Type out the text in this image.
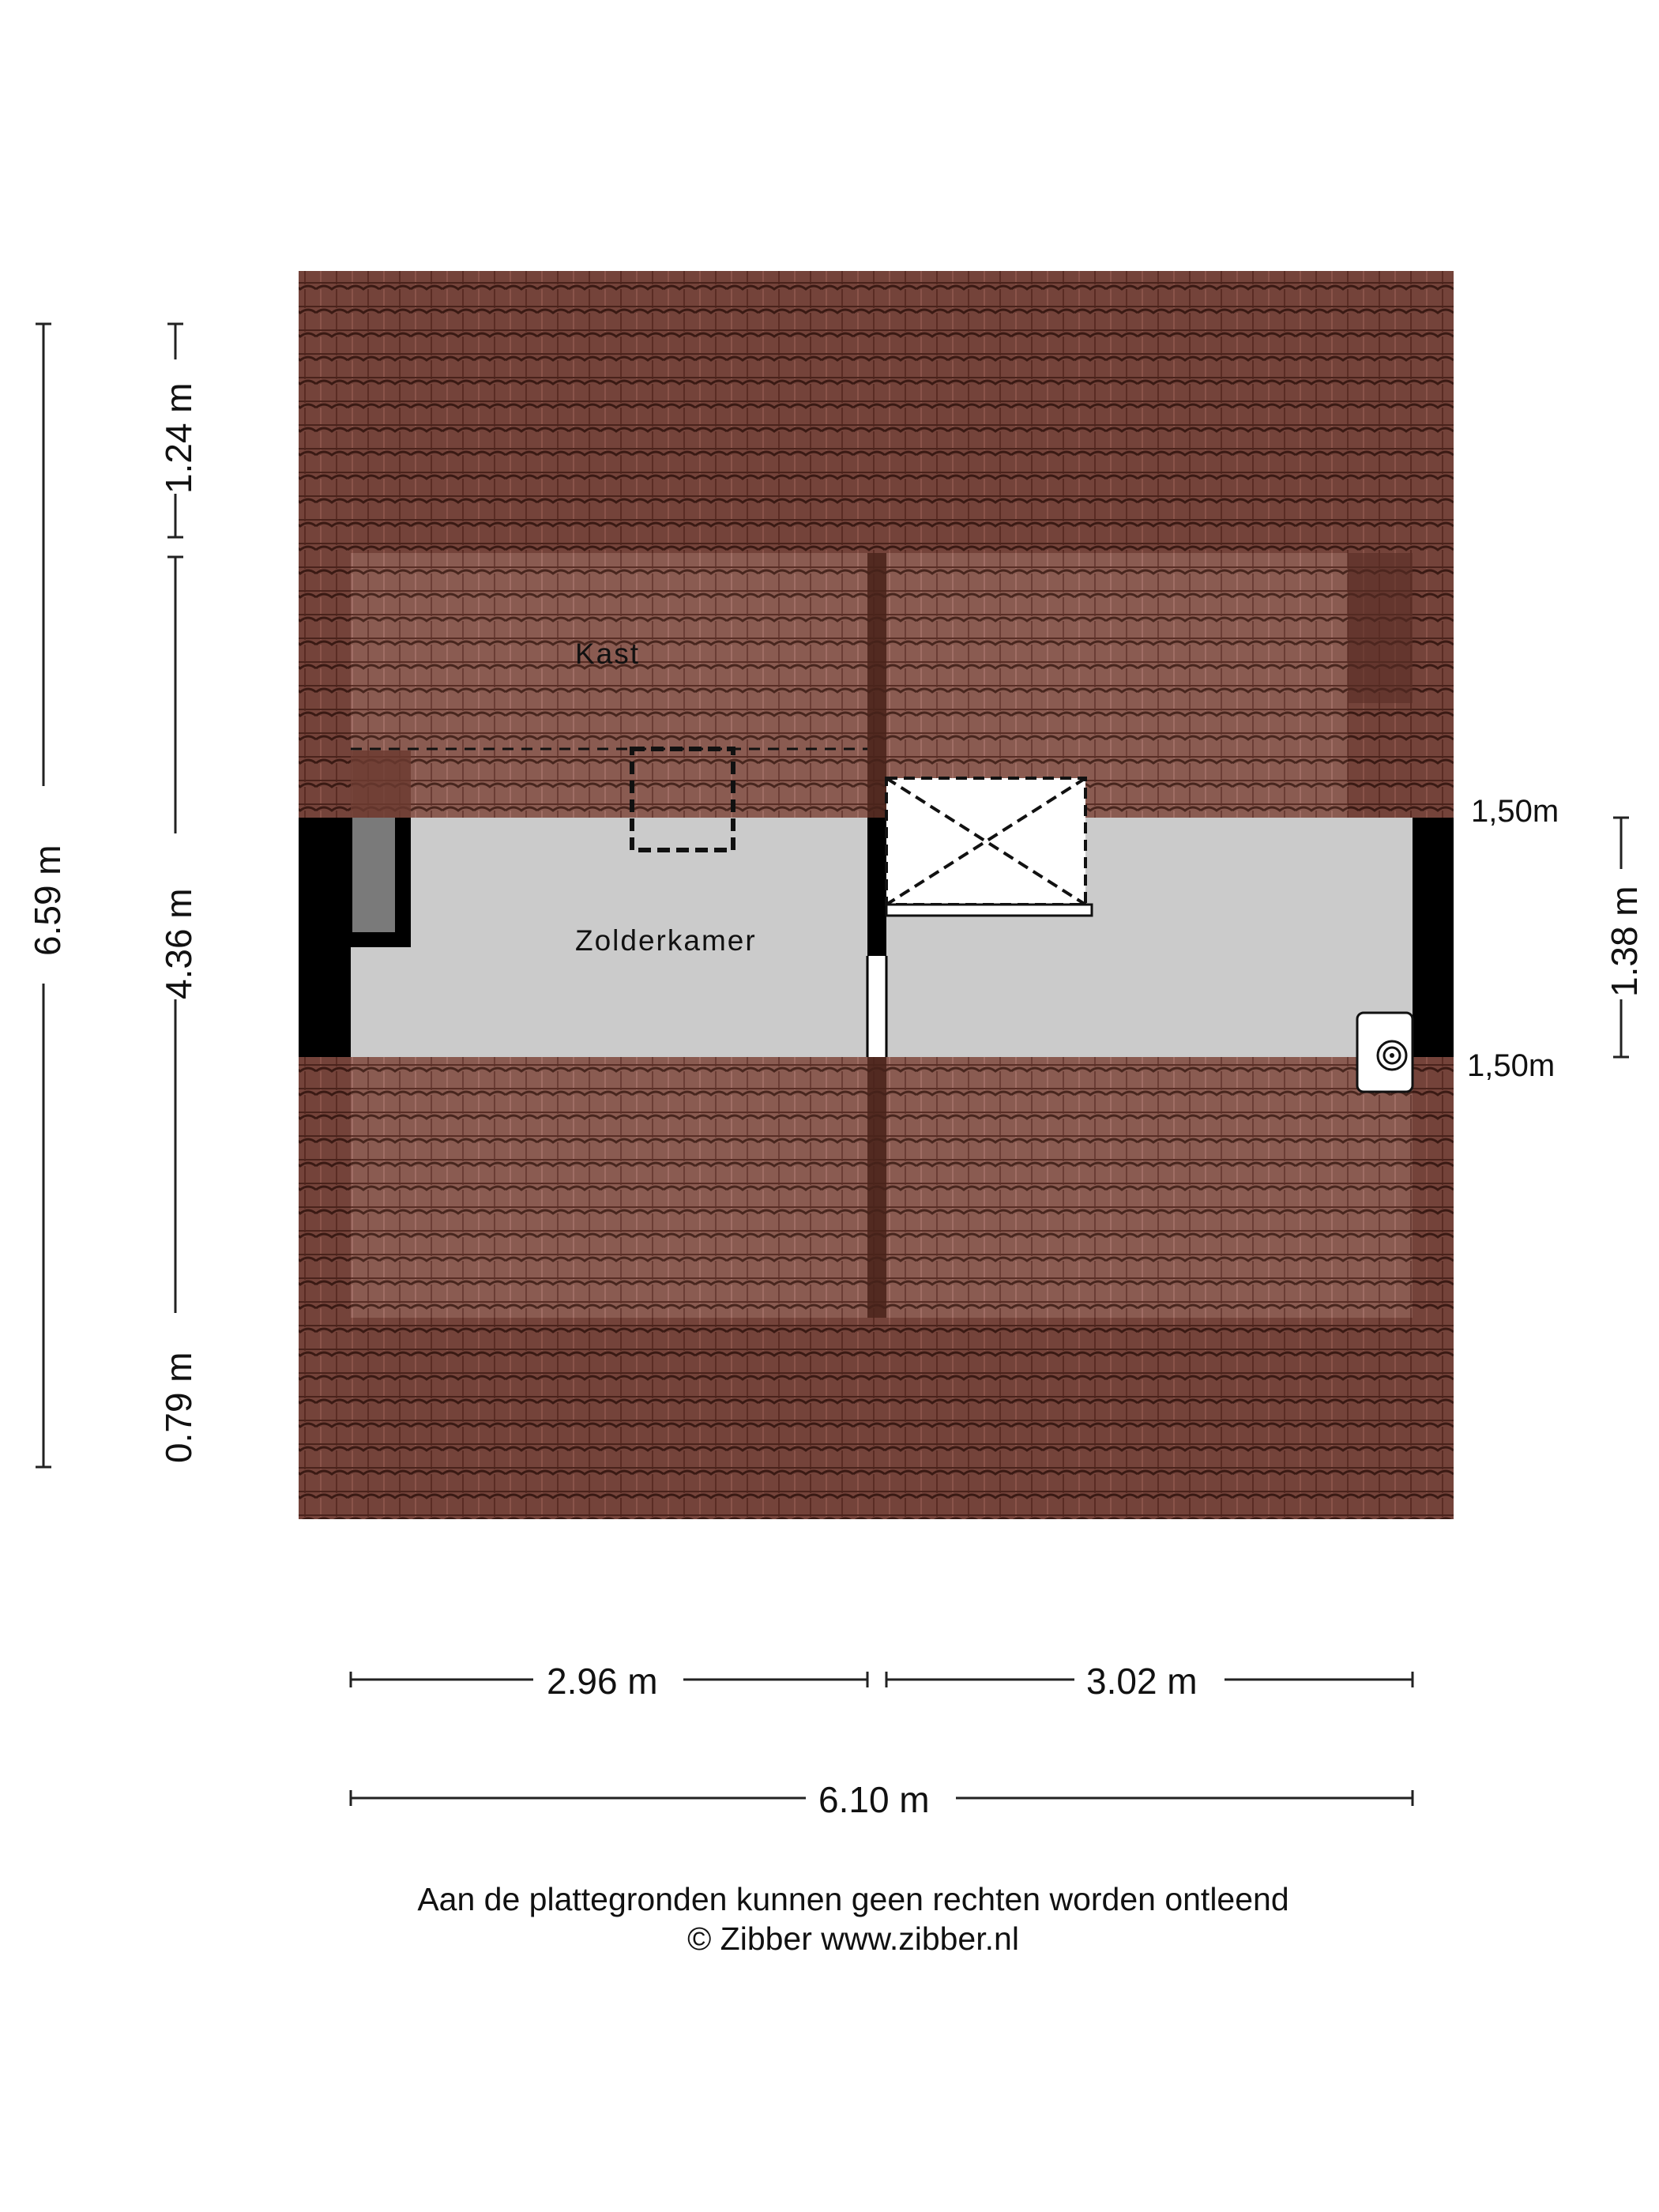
Kast
Zolderkamer
6.59 m
1.24 m
4.36 m
0.79 m
1.38 m
1,50m
1,50m
2.96 m	3.02 m
6.10 m
Aan de plattegronden kunnen geen rechten worden ontleend
© Zibber www.zibber.nl
